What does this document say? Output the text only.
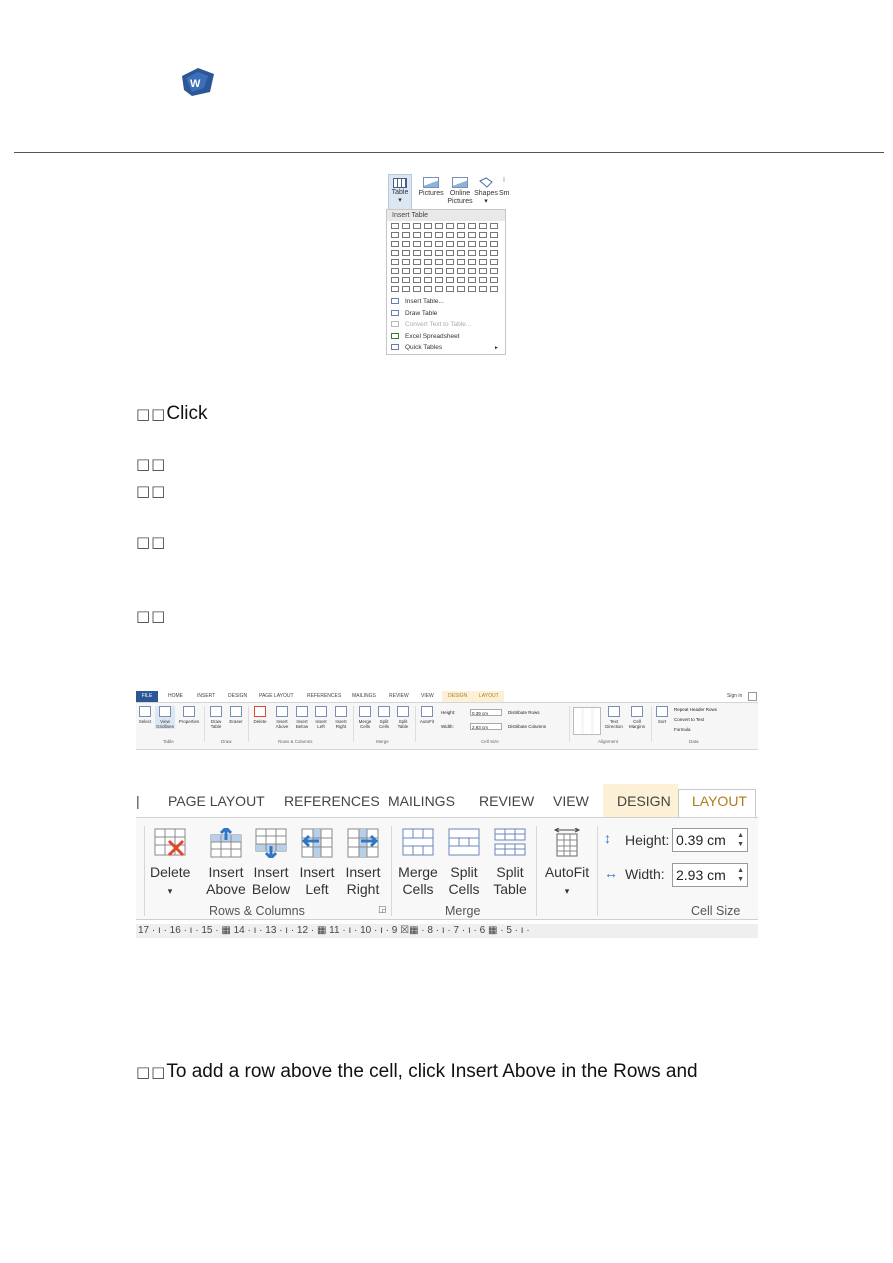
W
Table
▾
Pictures Online
Pictures
Shapes
▾
⁝
Sm
Insert Table
Insert Table...
Draw Table
Convert Text to Table...
Excel Spreadsheet
Quick Tables	►
□□Click
□□
□□
□□
□□
FILE	HOME	INSERT	DESIGN PAGE LAYOUT	REFERENCES MAILINGS	REVIEW VIEW	DESIGN LAYOUT	Sign in
Select	View
Gridlines
Properties	Draw
Table
Eraser	Delete	Insert
Above
Insert
Below
Insert
Left
Insert
Right
Merge
Cells
Split
Cells
Split
Table
AutoFit
Height:	0.39 cm
Width:	2.93 cm
Distribute Rows
Distribute Columns
Text
Direction
Cell
Margins
Sort
Repeat Header Rows
Convert to Text
Formula
Table	Draw	Rows & Columns	Merge	Cell Size	Alignment	Data
| PAGE LAYOUT REFERENCES MAILINGS REVIEW VIEW DESIGN LAYOUT
Delete
▾
Insert
Above
Insert
Below
Insert
Left
Insert
Right
Merge
Cells
Split
Cells
Split
Table
AutoFit
▾
↕ Height: 0.39 cm ▲
▼
↔ Width: 2.93 cm ▲
▼
Rows & Columns	◲	Merge	Cell Size
17 · ı · 16 · ı · 15 · ▦ 14 · ı · 13 · ı · 12 · ▦ 11 · ı · 10 · ı · 9 ☒▦ · 8 · ı · 7 · ı · 6 ▦ · 5 · ı ·
□□To add a row above the cell, click Insert Above in the Rows and
